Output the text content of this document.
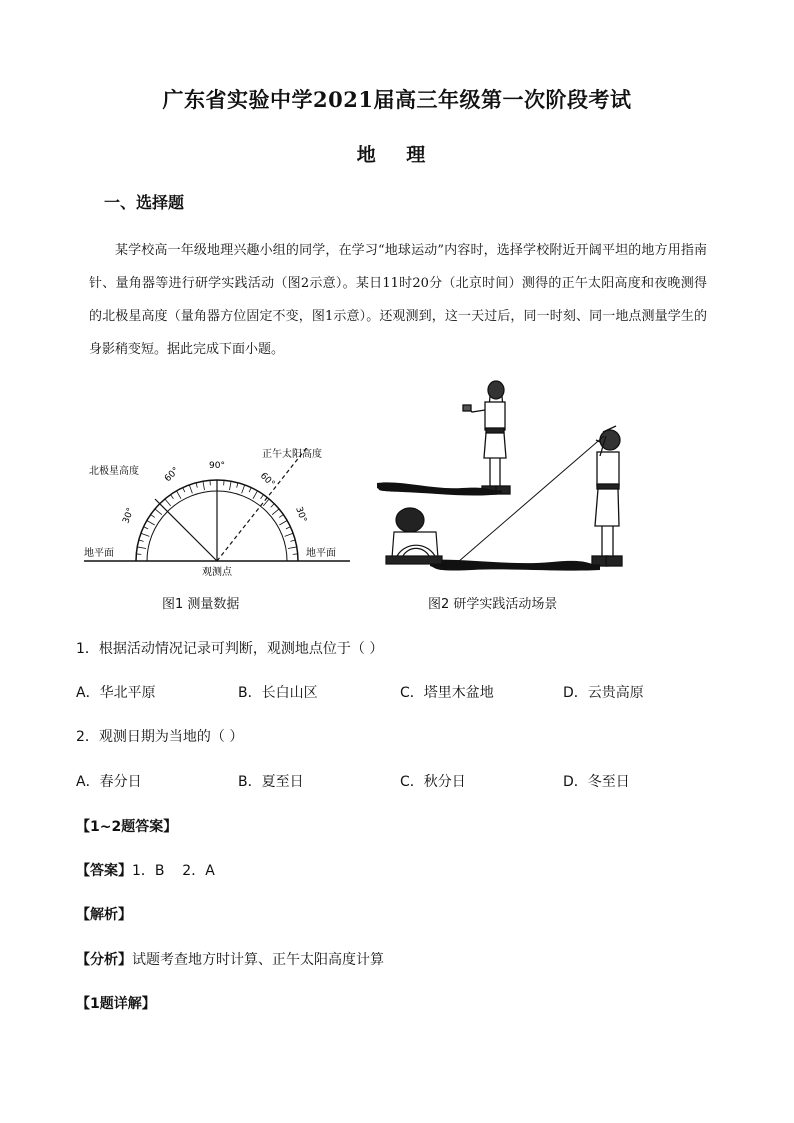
广东省实验中学2021届高三年级第一次阶段考试
地 理
一、选择题
某学校高一年级地理兴趣小组的同学，在学习“地球运动”内容时，选择学校附近开阔平坦的地方用指南针、量角器等进行研学实践活动（图2示意）。某日11时20分（北京时间）测得的正午太阳高度和夜晚测得的北极星高度（量角器方位固定不变，图1示意）。还观测到，这一天过后，同一时刻、同一地点测量学生的身影稍变短。据此完成下面小题。
北极星高度
正午太阳高度
地平面	地平面
观测点
90°
60°
30°
60°
30°
图1 测量数据	图2 研学实践活动场景
1．根据活动情况记录可判断，观测地点位于（ ）
A．华北平原	B．长白山区	C．塔里木盆地	D．云贵高原
2．观测日期为当地的（ ）
A．春分日	B．夏至日	C．秋分日	D．冬至日
【1~2题答案】
【答案】1．B    2．A
【解析】
【分析】试题考查地方时计算、正午太阳高度计算
【1题详解】
